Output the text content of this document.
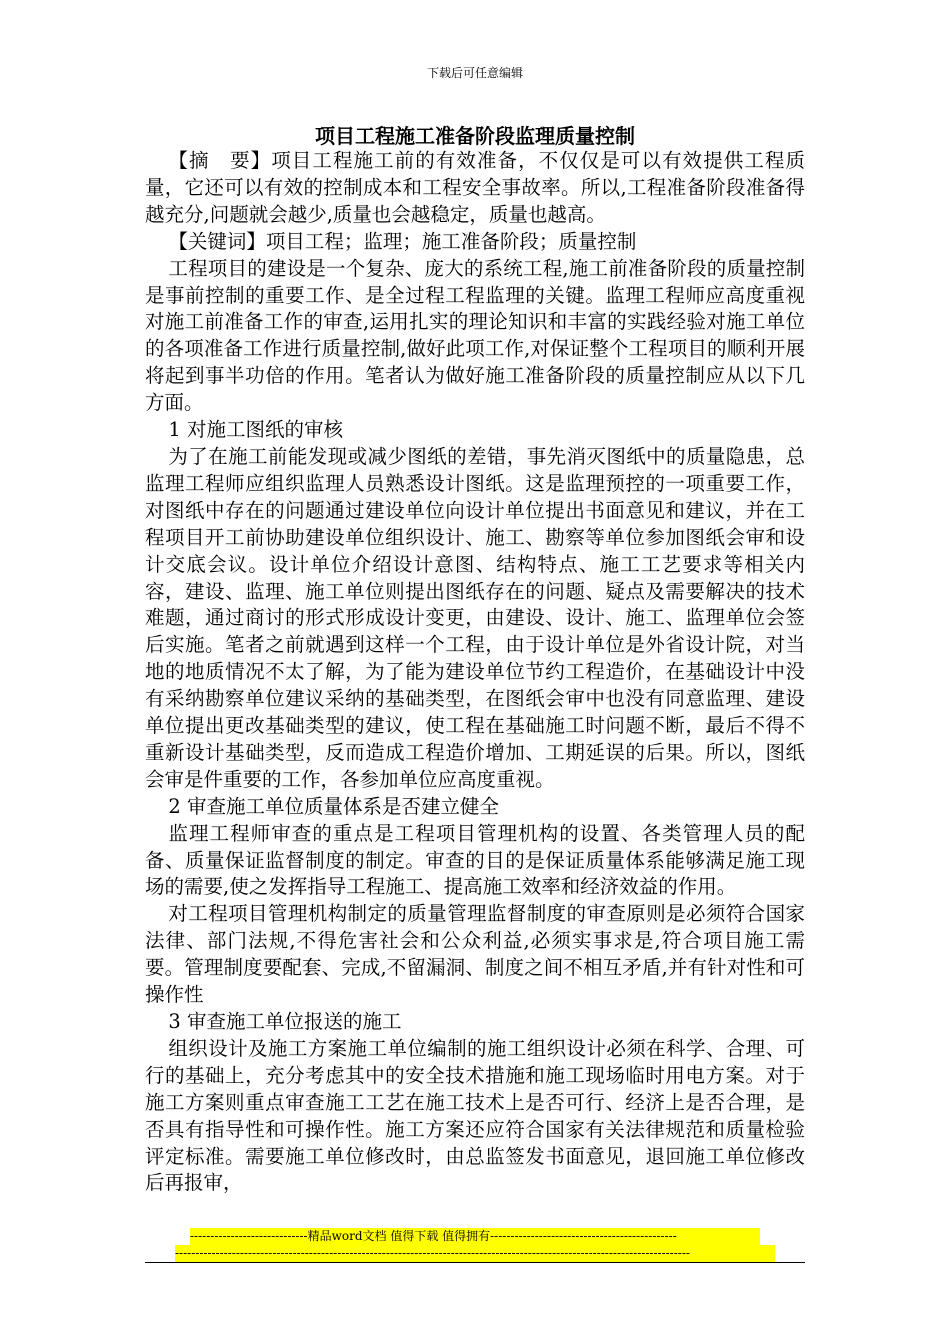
下载后可任意编辑
项目工程施工准备阶段监理质量控制

【摘　要】项目工程施工前的有效准备，不仅仅是可以有效提供工程质量，它还可以有效的控制成本和工程安全事故率。所以,工程准备阶段准备得越充分,问题就会越少,质量也会越稳定，质量也越高。

【关键词】项目工程；监理；施工准备阶段；质量控制

工程项目的建设是一个复杂、庞大的系统工程,施工前准备阶段的质量控制是事前控制的重要工作、是全过程工程监理的关键。监理工程师应高度重视对施工前准备工作的审查,运用扎实的理论知识和丰富的实践经验对施工单位的各项准备工作进行质量控制,做好此项工作,对保证整个工程项目的顺利开展将起到事半功倍的作用。笔者认为做好施工准备阶段的质量控制应从以下几方面。

1 对施工图纸的审核

为了在施工前能发现或减少图纸的差错，事先消灭图纸中的质量隐患，总监理工程师应组织监理人员熟悉设计图纸。这是监理预控的一项重要工作，对图纸中存在的问题通过建设单位向设计单位提出书面意见和建议，并在工程项目开工前协助建设单位组织设计、施工、勘察等单位参加图纸会审和设计交底会议。设计单位介绍设计意图、结构特点、施工工艺要求等相关内容，建设、监理、施工单位则提出图纸存在的问题、疑点及需要解决的技术难题，通过商讨的形式形成设计变更，由建设、设计、施工、监理单位会签后实施。笔者之前就遇到这样一个工程，由于设计单位是外省设计院，对当地的地质情况不太了解，为了能为建设单位节约工程造价，在基础设计中没有采纳勘察单位建议采纳的基础类型，在图纸会审中也没有同意监理、建设单位提出更改基础类型的建议，使工程在基础施工时问题不断，最后不得不重新设计基础类型，反而造成工程造价增加、工期延误的后果。所以，图纸会审是件重要的工作，各参加单位应高度重视。

2 审查施工单位质量体系是否建立健全

监理工程师审查的重点是工程项目管理机构的设置、各类管理人员的配备、质量保证监督制度的制定。审查的目的是保证质量体系能够满足施工现场的需要,使之发挥指导工程施工、提高施工效率和经济效益的作用。

对工程项目管理机构制定的质量管理监督制度的审查原则是必须符合国家法律、部门法规,不得危害社会和公众利益,必须实事求是,符合项目施工需要。管理制度要配套、完成,不留漏洞、制度之间不相互矛盾,并有针对性和可操作性

3 审查施工单位报送的施工

组织设计及施工方案施工单位编制的施工组织设计必须在科学、合理、可行的基础上，充分考虑其中的安全技术措施和施工现场临时用电方案。对于施工方案则重点审查施工工艺在施工技术上是否可行、经济上是否合理，是否具有指导性和可操作性。施工方案还应符合国家有关法律规范和质量检验评定标准。需要施工单位修改时，由总监签发书面意见，退回施工单位修改后再报审，

-----------------------------精品word文档 值得下载 值得拥有----------------------------------------------
-------------------------------------------------------------------------------------------------------------------------------
